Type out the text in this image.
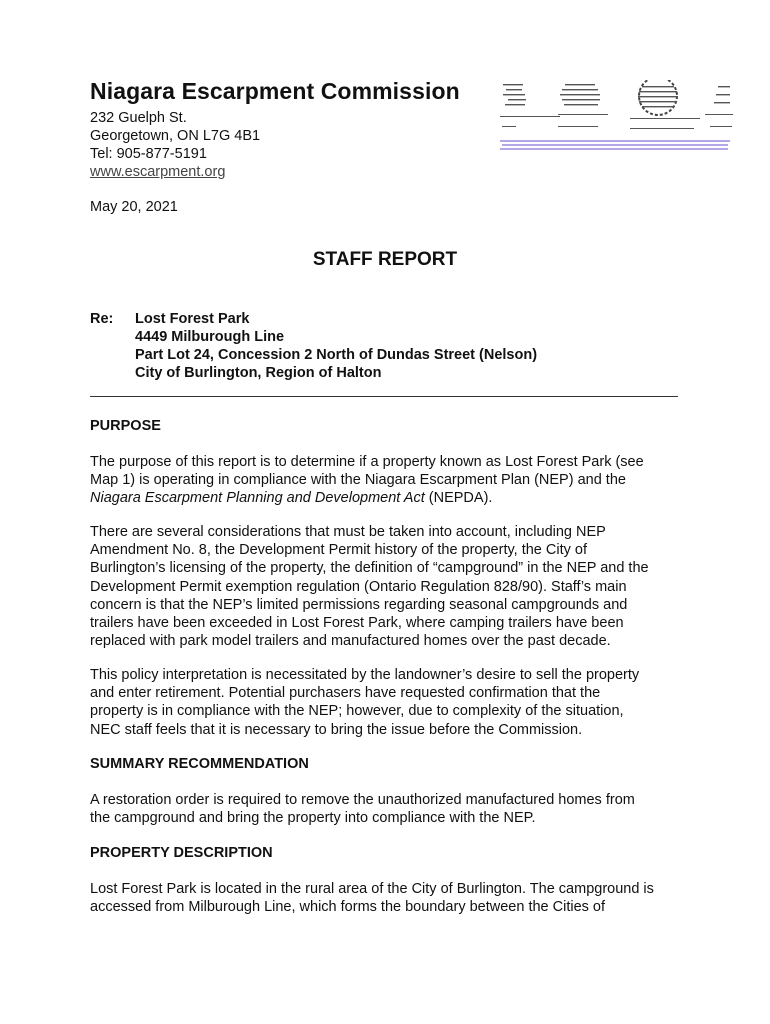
Niagara Escarpment Commission
232 Guelph St.
Georgetown, ON L7G 4B1
Tel: 905-877-5191
www.escarpment.org
May 20, 2021
STAFF REPORT
Re: Lost Forest Park
4449 Milburough Line
Part Lot 24, Concession 2 North of Dundas Street (Nelson)
City of Burlington, Region of Halton
PURPOSE
The purpose of this report is to determine if a property known as Lost Forest Park (see
Map 1) is operating in compliance with the Niagara Escarpment Plan (NEP) and the
Niagara Escarpment Planning and Development Act (NEPDA).
There are several considerations that must be taken into account, including NEP
Amendment No. 8, the Development Permit history of the property, the City of
Burlington’s licensing of the property, the definition of “campground” in the NEP and the
Development Permit exemption regulation (Ontario Regulation 828/90). Staff’s main
concern is that the NEP’s limited permissions regarding seasonal campgrounds and
trailers have been exceeded in Lost Forest Park, where camping trailers have been
replaced with park model trailers and manufactured homes over the past decade.
This policy interpretation is necessitated by the landowner’s desire to sell the property
and enter retirement. Potential purchasers have requested confirmation that the
property is in compliance with the NEP; however, due to complexity of the situation,
NEC staff feels that it is necessary to bring the issue before the Commission.
SUMMARY RECOMMENDATION
A restoration order is required to remove the unauthorized manufactured homes from
the campground and bring the property into compliance with the NEP.
PROPERTY DESCRIPTION
Lost Forest Park is located in the rural area of the City of Burlington. The campground is
accessed from Milburough Line, which forms the boundary between the Cities of
